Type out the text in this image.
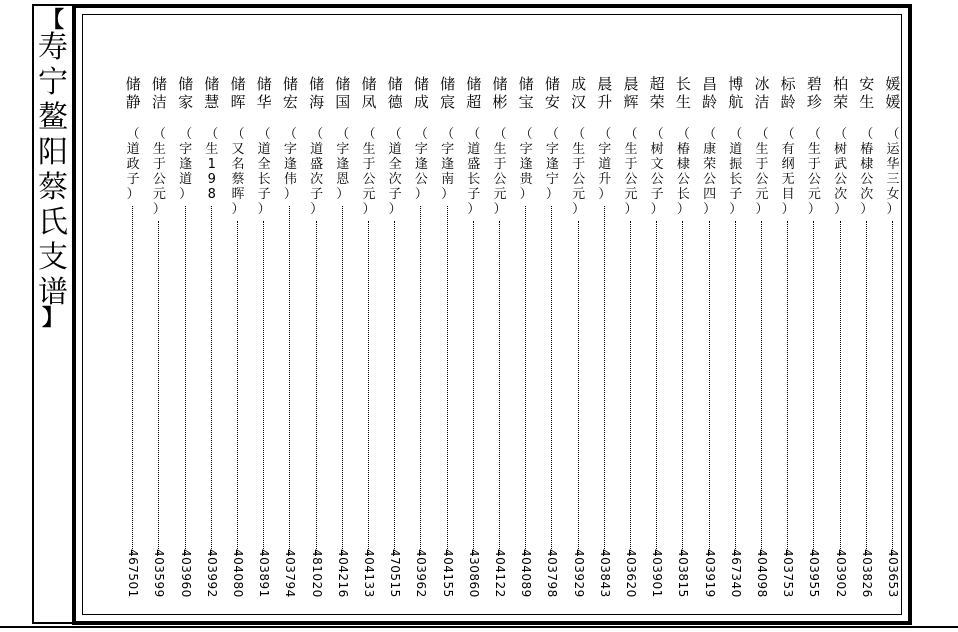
【
寿
宁
鳌
阳
蔡
氏
支
谱
】
媛
媛
（
运
华
三
女
）
403653
安
生
（
椿
棣
公
次
）
403826
柏
荣
（
树
武
公
次
）
403902
碧
珍
（
生
于
公
元
）
403955
标
龄
（
有
纲
无
目
）
403753
冰
洁
（
生
于
公
元
）
404098
博
航
（
道
振
长
子
）
467340
昌
龄
（
康
荣
公
四
）
403919
长
生
（
椿
棣
公
长
）
403815
超
荣
（
树
文
公
子
）
403901
晨
辉
（
生
于
公
元
）
403620
晨
升
（
字
道
升
）
403843
成
汉
（
生
于
公
元
）
403929
储
安
（
字
逢
宁
）
403798
储
宝
（
字
逢
贵
）
404089
储
彬
（
生
于
公
元
）
404122
储
超
（
道
盛
长
子
）
430860
储
宸
（
字
逢
南
）
404155
储
成
（
字
逢
公
）
403962
储
德
（
道
全
次
子
）
470515
储
凤
（
生
于
公
元
）
404133
储
国
（
字
逢
恩
）
404216
储
海
（
道
盛
次
子
）
481020
储
宏
（
字
逢
伟
）
403794
储
华
（
道
全
长
子
）
403891
储
晖
（
又
名
蔡
晖
）
404080
储
慧
（
生
1
9
8
403992
储
家
（
字
逢
道
）
403960
储
洁
（
生
于
公
元
）
403599
储
静
（
道
政
子
）
467501
